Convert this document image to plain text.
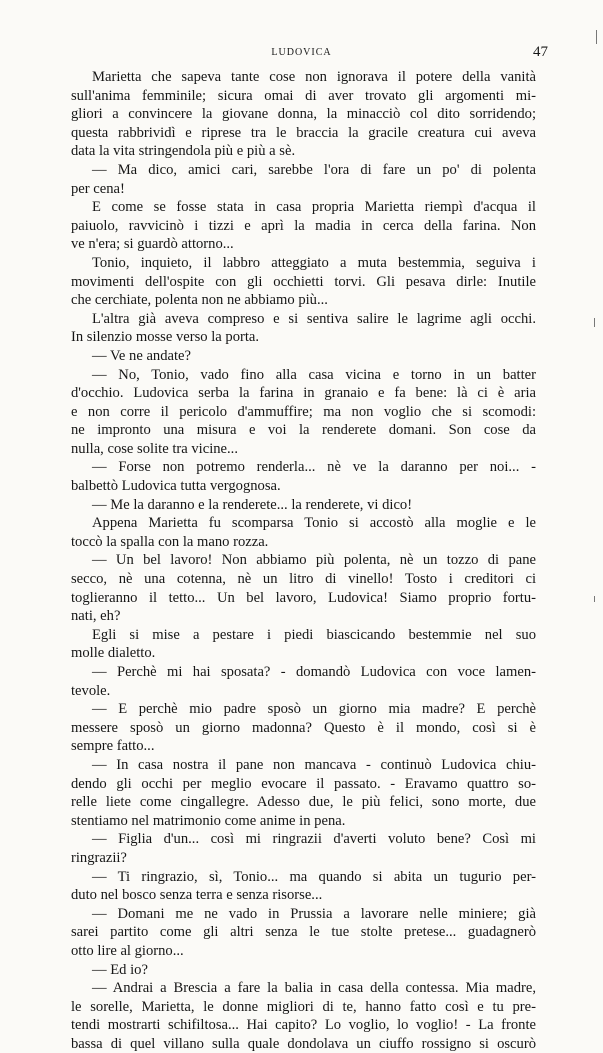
LUDOVICA	47
Marietta che sapeva tante cose non ignorava il potere della vanità
sull'anima femminile; sicura omai di aver trovato gli argomenti mi-
gliori a convincere la giovane donna, la minacciò col dito sorridendo;
questa rabbrividì e riprese tra le braccia la gracile creatura cui aveva
data la vita stringendola più e più a sè.
— Ma dico, amici cari, sarebbe l'ora di fare un po' di polenta
per cena!
E come se fosse stata in casa propria Marietta riempì d'acqua il
paiuolo, ravvicinò i tizzi e aprì la madia in cerca della farina. Non
ve n'era; si guardò attorno...
Tonio, inquieto, il labbro atteggiato a muta bestemmia, seguiva i
movimenti dell'ospite con gli occhietti torvi. Gli pesava dirle: Inutile
che cerchiate, polenta non ne abbiamo più...
L'altra già aveva compreso e si sentiva salire le lagrime agli occhi.
In silenzio mosse verso la porta.
— Ve ne andate?
— No, Tonio, vado fino alla casa vicina e torno in un batter
d'occhio. Ludovica serba la farina in granaio e fa bene: là ci è aria
e non corre il pericolo d'ammuffire; ma non voglio che si scomodi:
ne impronto una misura e voi la renderete domani. Son cose da
nulla, cose solite tra vicine...
— Forse non potremo renderla... nè ve la daranno per noi... -
balbettò Ludovica tutta vergognosa.
— Me la daranno e la renderete... la renderete, vi dico!
Appena Marietta fu scomparsa Tonio si accostò alla moglie e le
toccò la spalla con la mano rozza.
— Un bel lavoro! Non abbiamo più polenta, nè un tozzo di pane
secco, nè una cotenna, nè un litro di vinello! Tosto i creditori ci
toglieranno il tetto... Un bel lavoro, Ludovica! Siamo proprio fortu-
nati, eh?
Egli si mise a pestare i piedi biascicando bestemmie nel suo
molle dialetto.
— Perchè mi hai sposata? - domandò Ludovica con voce lamen-
tevole.
— E perchè mio padre sposò un giorno mia madre? E perchè
messere sposò un giorno madonna? Questo è il mondo, così si è
sempre fatto...
— In casa nostra il pane non mancava - continuò Ludovica chiu-
dendo gli occhi per meglio evocare il passato. - Eravamo quattro so-
relle liete come cingallegre. Adesso due, le più felici, sono morte, due
stentiamo nel matrimonio come anime in pena.
— Figlia d'un... così mi ringrazii d'averti voluto bene? Così mi
ringrazii?
— Ti ringrazio, sì, Tonio... ma quando si abita un tugurio per-
duto nel bosco senza terra e senza risorse...
— Domani me ne vado in Prussia a lavorare nelle miniere; già
sarei partito come gli altri senza le tue stolte pretese... guadagnerò
otto lire al giorno...
— Ed io?
— Andrai a Brescia a fare la balia in casa della contessa. Mia madre,
le sorelle, Marietta, le donne migliori di te, hanno fatto così e tu pre-
tendi mostrarti schifiltosa... Hai capito? Lo voglio, lo voglio! - La fronte
bassa di quel villano sulla quale dondolava un ciuffo rossigno si oscurò
